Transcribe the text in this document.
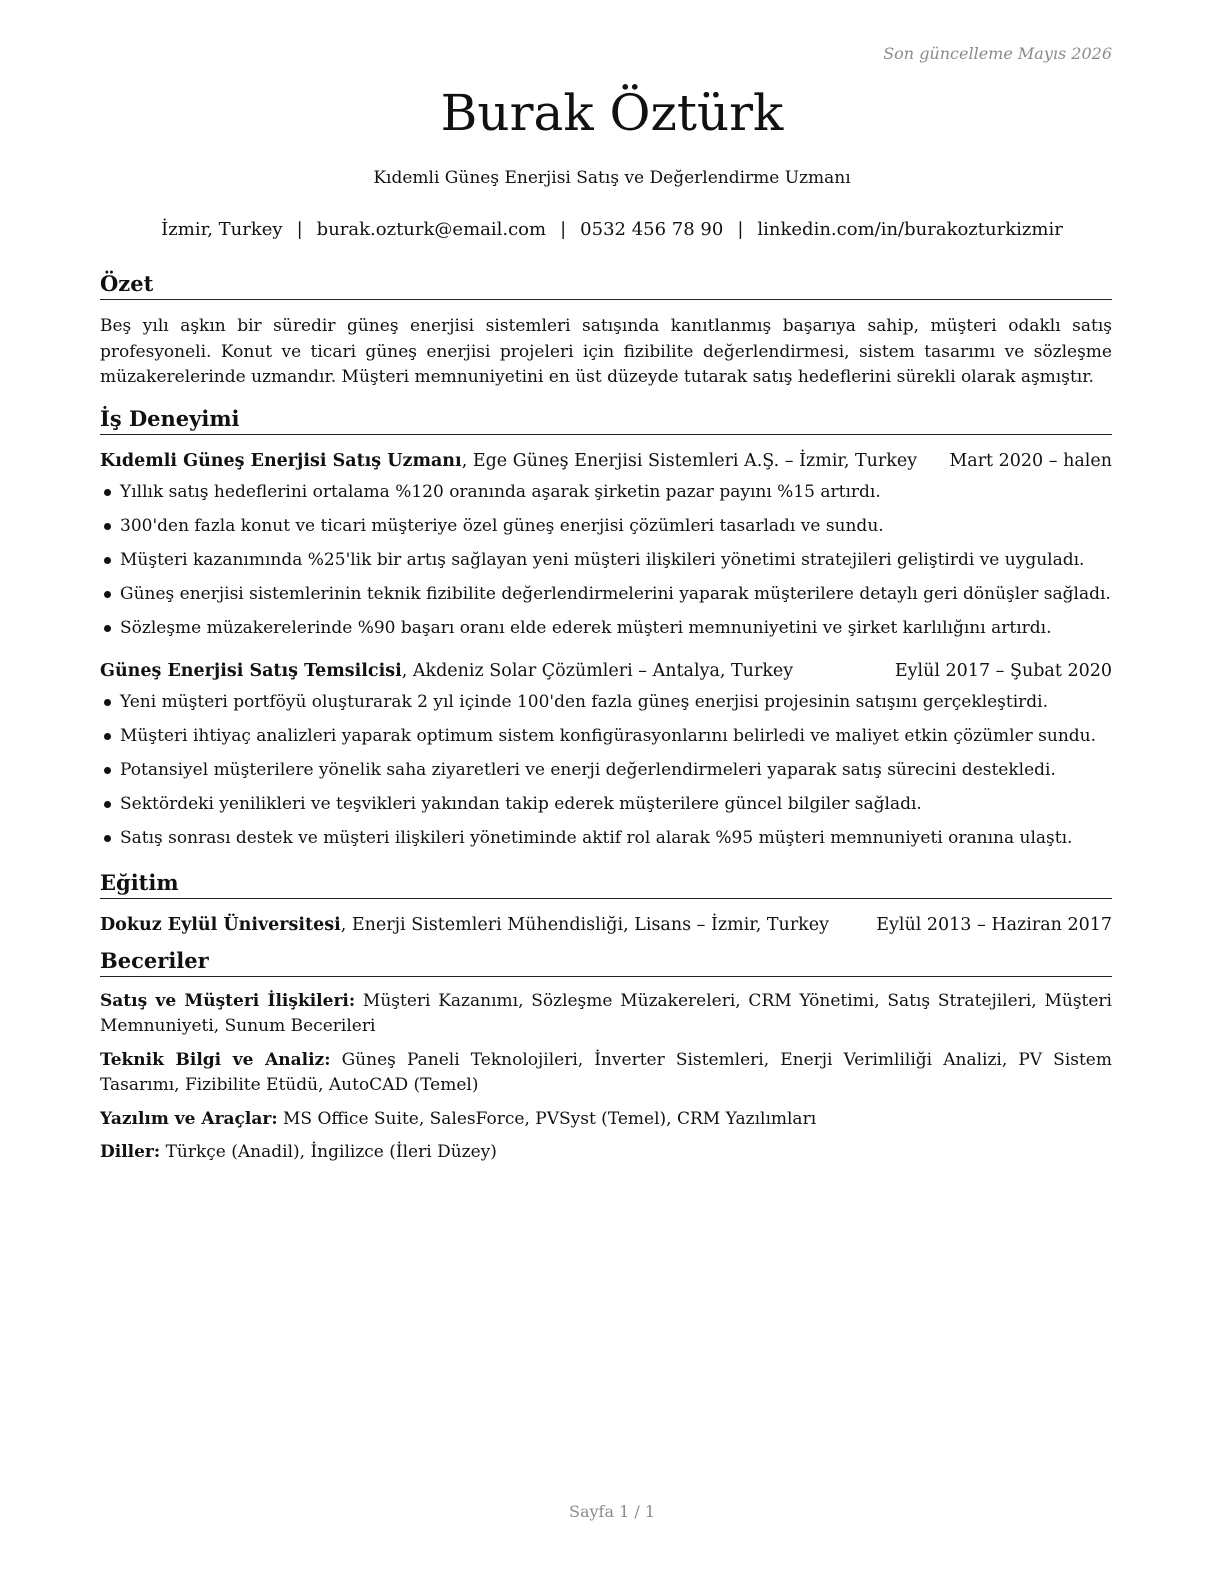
Son güncelleme Mayıs 2026
Burak Öztürk
Kıdemli Güneş Enerjisi Satış ve Değerlendirme Uzmanı
İzmir, Turkey | burak.ozturk@email.com | 0532 456 78 90 | linkedin.com/in/burakozturkizmir
Özet

Beş yılı aşkın bir süredir güneş enerjisi sistemleri satışında kanıtlanmış başarıya sahip, müşteri odaklı satış profesyoneli. Konut ve ticari güneş enerjisi projeleri için fizibilite değerlendirmesi, sistem tasarımı ve sözleşme müzakerelerinde uzmandır. Müşteri memnuniyetini en üst düzeyde tutarak satış hedeflerini sürekli olarak aşmıştır.

İş Deneyimi
Kıdemli Güneş Enerjisi Satış Uzmanı, Ege Güneş Enerjisi Sistemleri A.Ş. – İzmir, Turkey Mart 2020 – halen
Yıllık satış hedeflerini ortalama %120 oranında aşarak şirketin pazar payını %15 artırdı.
300'den fazla konut ve ticari müşteriye özel güneş enerjisi çözümleri tasarladı ve sundu.
Müşteri kazanımında %25'lik bir artış sağlayan yeni müşteri ilişkileri yönetimi stratejileri geliştirdi ve uyguladı.
Güneş enerjisi sistemlerinin teknik fizibilite değerlendirmelerini yaparak müşterilere detaylı geri dönüşler sağladı.
Sözleşme müzakerelerinde %90 başarı oranı elde ederek müşteri memnuniyetini ve şirket karlılığını artırdı.
Güneş Enerjisi Satış Temsilcisi, Akdeniz Solar Çözümleri – Antalya, Turkey	Eylül 2017 – Şubat 2020
Yeni müşteri portföyü oluşturarak 2 yıl içinde 100'den fazla güneş enerjisi projesinin satışını gerçekleştirdi.
Müşteri ihtiyaç analizleri yaparak optimum sistem konfigürasyonlarını belirledi ve maliyet etkin çözümler sundu.
Potansiyel müşterilere yönelik saha ziyaretleri ve enerji değerlendirmeleri yaparak satış sürecini destekledi.
Sektördeki yenilikleri ve teşvikleri yakından takip ederek müşterilere güncel bilgiler sağladı.
Satış sonrası destek ve müşteri ilişkileri yönetiminde aktif rol alarak %95 müşteri memnuniyeti oranına ulaştı.
Eğitim
Dokuz Eylül Üniversitesi, Enerji Sistemleri Mühendisliği, Lisans – İzmir, Turkey	Eylül 2013 – Haziran 2017
Beceriler
Satış ve Müşteri İlişkileri: Müşteri Kazanımı, Sözleşme Müzakereleri, CRM Yönetimi, Satış Stratejileri, Müşteri Memnuniyeti, Sunum Becerileri
Teknik Bilgi ve Analiz: Güneş Paneli Teknolojileri, İnverter Sistemleri, Enerji Verimliliği Analizi, PV Sistem Tasarımı, Fizibilite Etüdü, AutoCAD (Temel)
Yazılım ve Araçlar: MS Office Suite, SalesForce, PVSyst (Temel), CRM Yazılımları
Diller: Türkçe (Anadil), İngilizce (İleri Düzey)
Sayfa 1 / 1
